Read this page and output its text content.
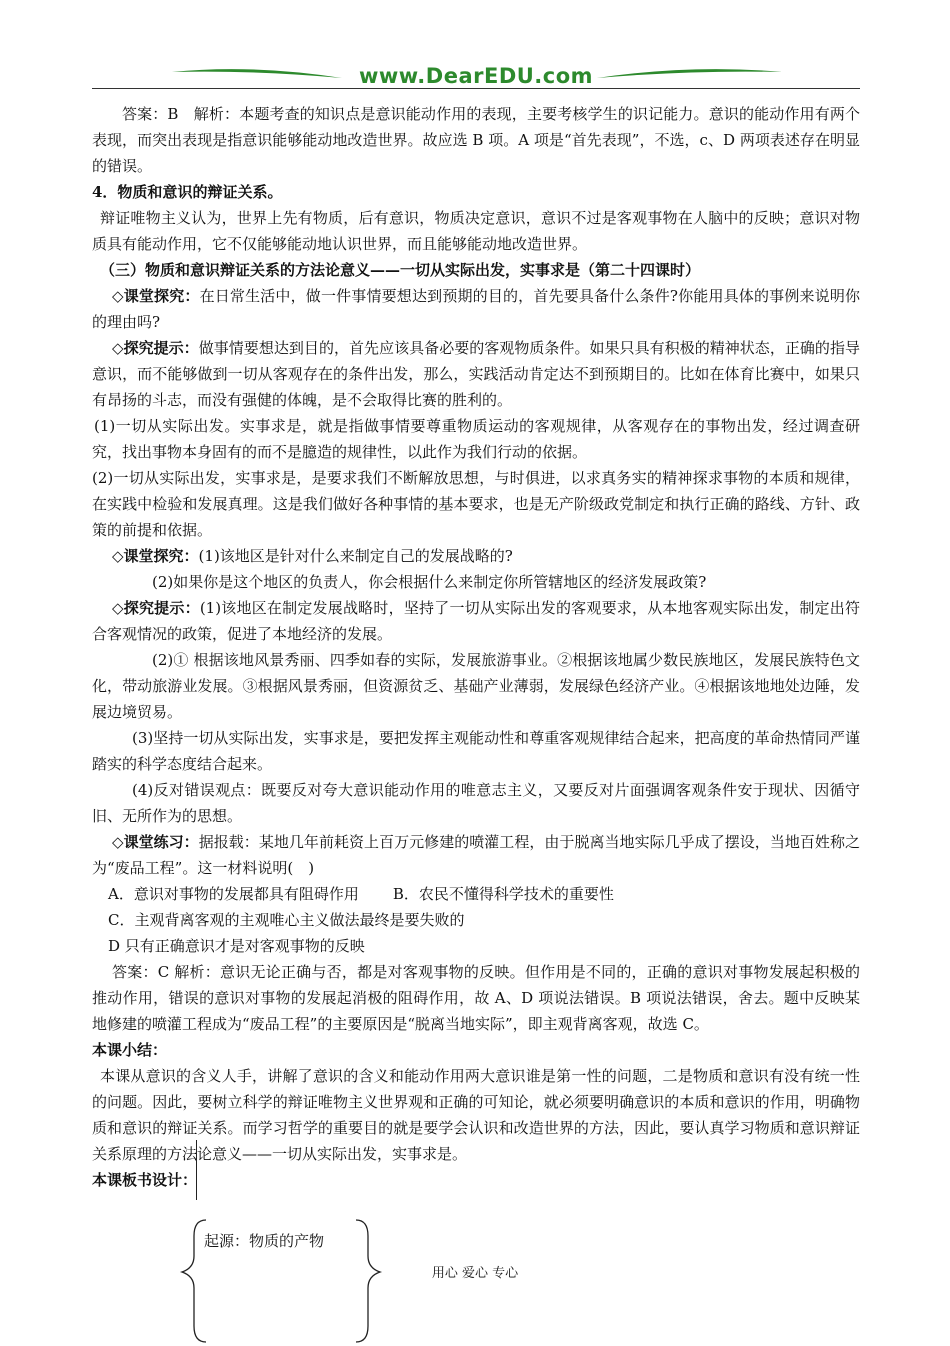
www.DearEDU.com

答案：B　解析：本题考查的知识点是意识能动作用的表现，主要考核学生的识记能力。意识的能动作用有两个表现，而突出表现是指意识能够能动地改造世界。故应选 B 项。A 项是“首先表现”，不选，c、D 两项表述存在明显的错误。

4．物质和意识的辩证关系。

辩证唯物主义认为，世界上先有物质，后有意识，物质决定意识，意识不过是客观事物在人脑中的反映；意识对物质具有能动作用，它不仅能够能动地认识世界，而且能够能动地改造世界。

（三）物质和意识辩证关系的方法论意义——一切从实际出发，实事求是（第二十四课时）

◇课堂探究：在日常生活中，做一件事情要想达到预期的目的，首先要具备什么条件?你能用具体的事例来说明你的理由吗?

◇探究提示：做事情要想达到目的，首先应该具备必要的客观物质条件。如果只具有积极的精神状态，正确的指导意识，而不能够做到一切从客观存在的条件出发，那么，实践活动肯定达不到预期目的。比如在体育比赛中，如果只有昂扬的斗志，而没有强健的体魄，是不会取得比赛的胜利的。

(1)一切从实际出发。实事求是，就是指做事情要尊重物质运动的客观规律，从客观存在的事物出发，经过调查研究，找出事物本身固有的而不是臆造的规律性，以此作为我们行动的依据。

(2)一切从实际出发，实事求是，是要求我们不断解放思想，与时俱进，以求真务实的精神探求事物的本质和规律，在实践中检验和发展真理。这是我们做好各种事情的基本要求，也是无产阶级政党制定和执行正确的路线、方针、政策的前提和依据。

◇课堂探究：(1)该地区是针对什么来制定自己的发展战略的?

(2)如果你是这个地区的负责人，你会根据什么来制定你所管辖地区的经济发展政策?

◇探究提示：(1)该地区在制定发展战略时，坚持了一切从实际出发的客观要求，从本地客观实际出发，制定出符合客观情况的政策，促进了本地经济的发展。

(2)① 根据该地风景秀丽、四季如春的实际，发展旅游事业。②根据该地属少数民族地区，发展民族特色文化，带动旅游业发展。③根据风景秀丽，但资源贫乏、基础产业薄弱，发展绿色经济产业。④根据该地地处边陲，发展边境贸易。

(3)坚持一切从实际出发，实事求是，要把发挥主观能动性和尊重客观规律结合起来，把高度的革命热情同严谨踏实的科学态度结合起来。

(4)反对错误观点：既要反对夸大意识能动作用的唯意志主义，又要反对片面强调客观条件安于现状、因循守旧、无所作为的思想。

◇课堂练习：据报载：某地几年前耗资上百万元修建的喷灌工程，由于脱离当地实际几乎成了摆设，当地百姓称之为“废品工程”。这一材料说明(　)

A．意识对事物的发展都具有阻碍作用 B．农民不懂得科学技术的重要性

C．主观背离客观的主观唯心主义做法最终是要失败的

D 只有正确意识才是对客观事物的反映

答案：C 解析：意识无论正确与否，都是对客观事物的反映。但作用是不同的，正确的意识对事物发展起积极的推动作用，错误的意识对事物的发展起消极的阻碍作用，故 A、D 项说法错误。B 项说法错误，舍去。题中反映某地修建的喷灌工程成为“废品工程”的主要原因是“脱离当地实际”，即主观背离客观，故选 C。

本课小结：

本课从意识的含义人手，讲解了意识的含义和能动作用两大意识谁是第一性的问题，二是物质和意识有没有统一性的问题。因此，要树立科学的辩证唯物主义世界观和正确的可知论，就必须要明确意识的本质和意识的作用，明确物质和意识的辩证关系。而学习哲学的重要目的就是要学会认识和改造世界的方法，因此，要认真学习物质和意识辩证关系原理的方法论意义——一切从实际出发，实事求是。

本课板书设计：

起源：物质的产物
用心 爱心 专心
